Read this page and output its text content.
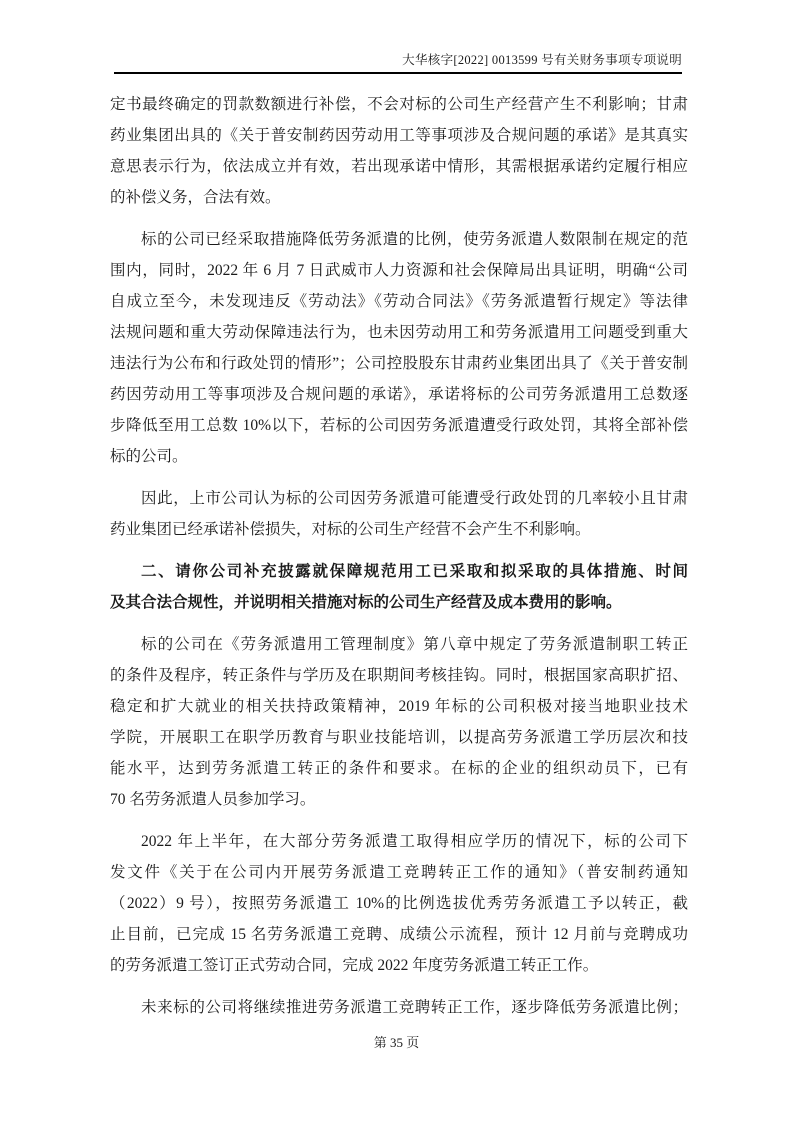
大华核字[2022] 0013599 号有关财务事项专项说明
定书最终确定的罚款数额进行补偿，不会对标的公司生产经营产生不利影响；甘肃
药业集团出具的《关于普安制药因劳动用工等事项涉及合规问题的承诺》是其真实
意思表示行为，依法成立并有效，若出现承诺中情形，其需根据承诺约定履行相应
的补偿义务，合法有效。
标的公司已经采取措施降低劳务派遣的比例，使劳务派遣人数限制在规定的范
围内，同时，2022 年 6 月 7 日武威市人力资源和社会保障局出具证明，明确“公司
自成立至今，未发现违反《劳动法》《劳动合同法》《劳务派遣暂行规定》等法律
法规问题和重大劳动保障违法行为，也未因劳动用工和劳务派遣用工问题受到重大
违法行为公布和行政处罚的情形”；公司控股股东甘肃药业集团出具了《关于普安制
药因劳动用工等事项涉及合规问题的承诺》，承诺将标的公司劳务派遣用工总数逐
步降低至用工总数 10%以下，若标的公司因劳务派遣遭受行政处罚，其将全部补偿
标的公司。
因此，上市公司认为标的公司因劳务派遣可能遭受行政处罚的几率较小且甘肃
药业集团已经承诺补偿损失，对标的公司生产经营不会产生不利影响。
二、请你公司补充披露就保障规范用工已采取和拟采取的具体措施、时间
及其合法合规性，并说明相关措施对标的公司生产经营及成本费用的影响。
标的公司在《劳务派遣用工管理制度》第八章中规定了劳务派遣制职工转正
的条件及程序，转正条件与学历及在职期间考核挂钩。同时，根据国家高职扩招、
稳定和扩大就业的相关扶持政策精神，2019 年标的公司积极对接当地职业技术
学院，开展职工在职学历教育与职业技能培训，以提高劳务派遣工学历层次和技
能水平，达到劳务派遣工转正的条件和要求。在标的企业的组织动员下，已有
70 名劳务派遣人员参加学习。
2022 年上半年，在大部分劳务派遣工取得相应学历的情况下，标的公司下
发文件《关于在公司内开展劳务派遣工竞聘转正工作的通知》（普安制药通知
（2022）9 号），按照劳务派遣工 10%的比例选拔优秀劳务派遣工予以转正，截
止目前，已完成 15 名劳务派遣工竞聘、成绩公示流程，预计 12 月前与竞聘成功
的劳务派遣工签订正式劳动合同，完成 2022 年度劳务派遣工转正工作。
未来标的公司将继续推进劳务派遣工竞聘转正工作，逐步降低劳务派遣比例；
第 35 页
